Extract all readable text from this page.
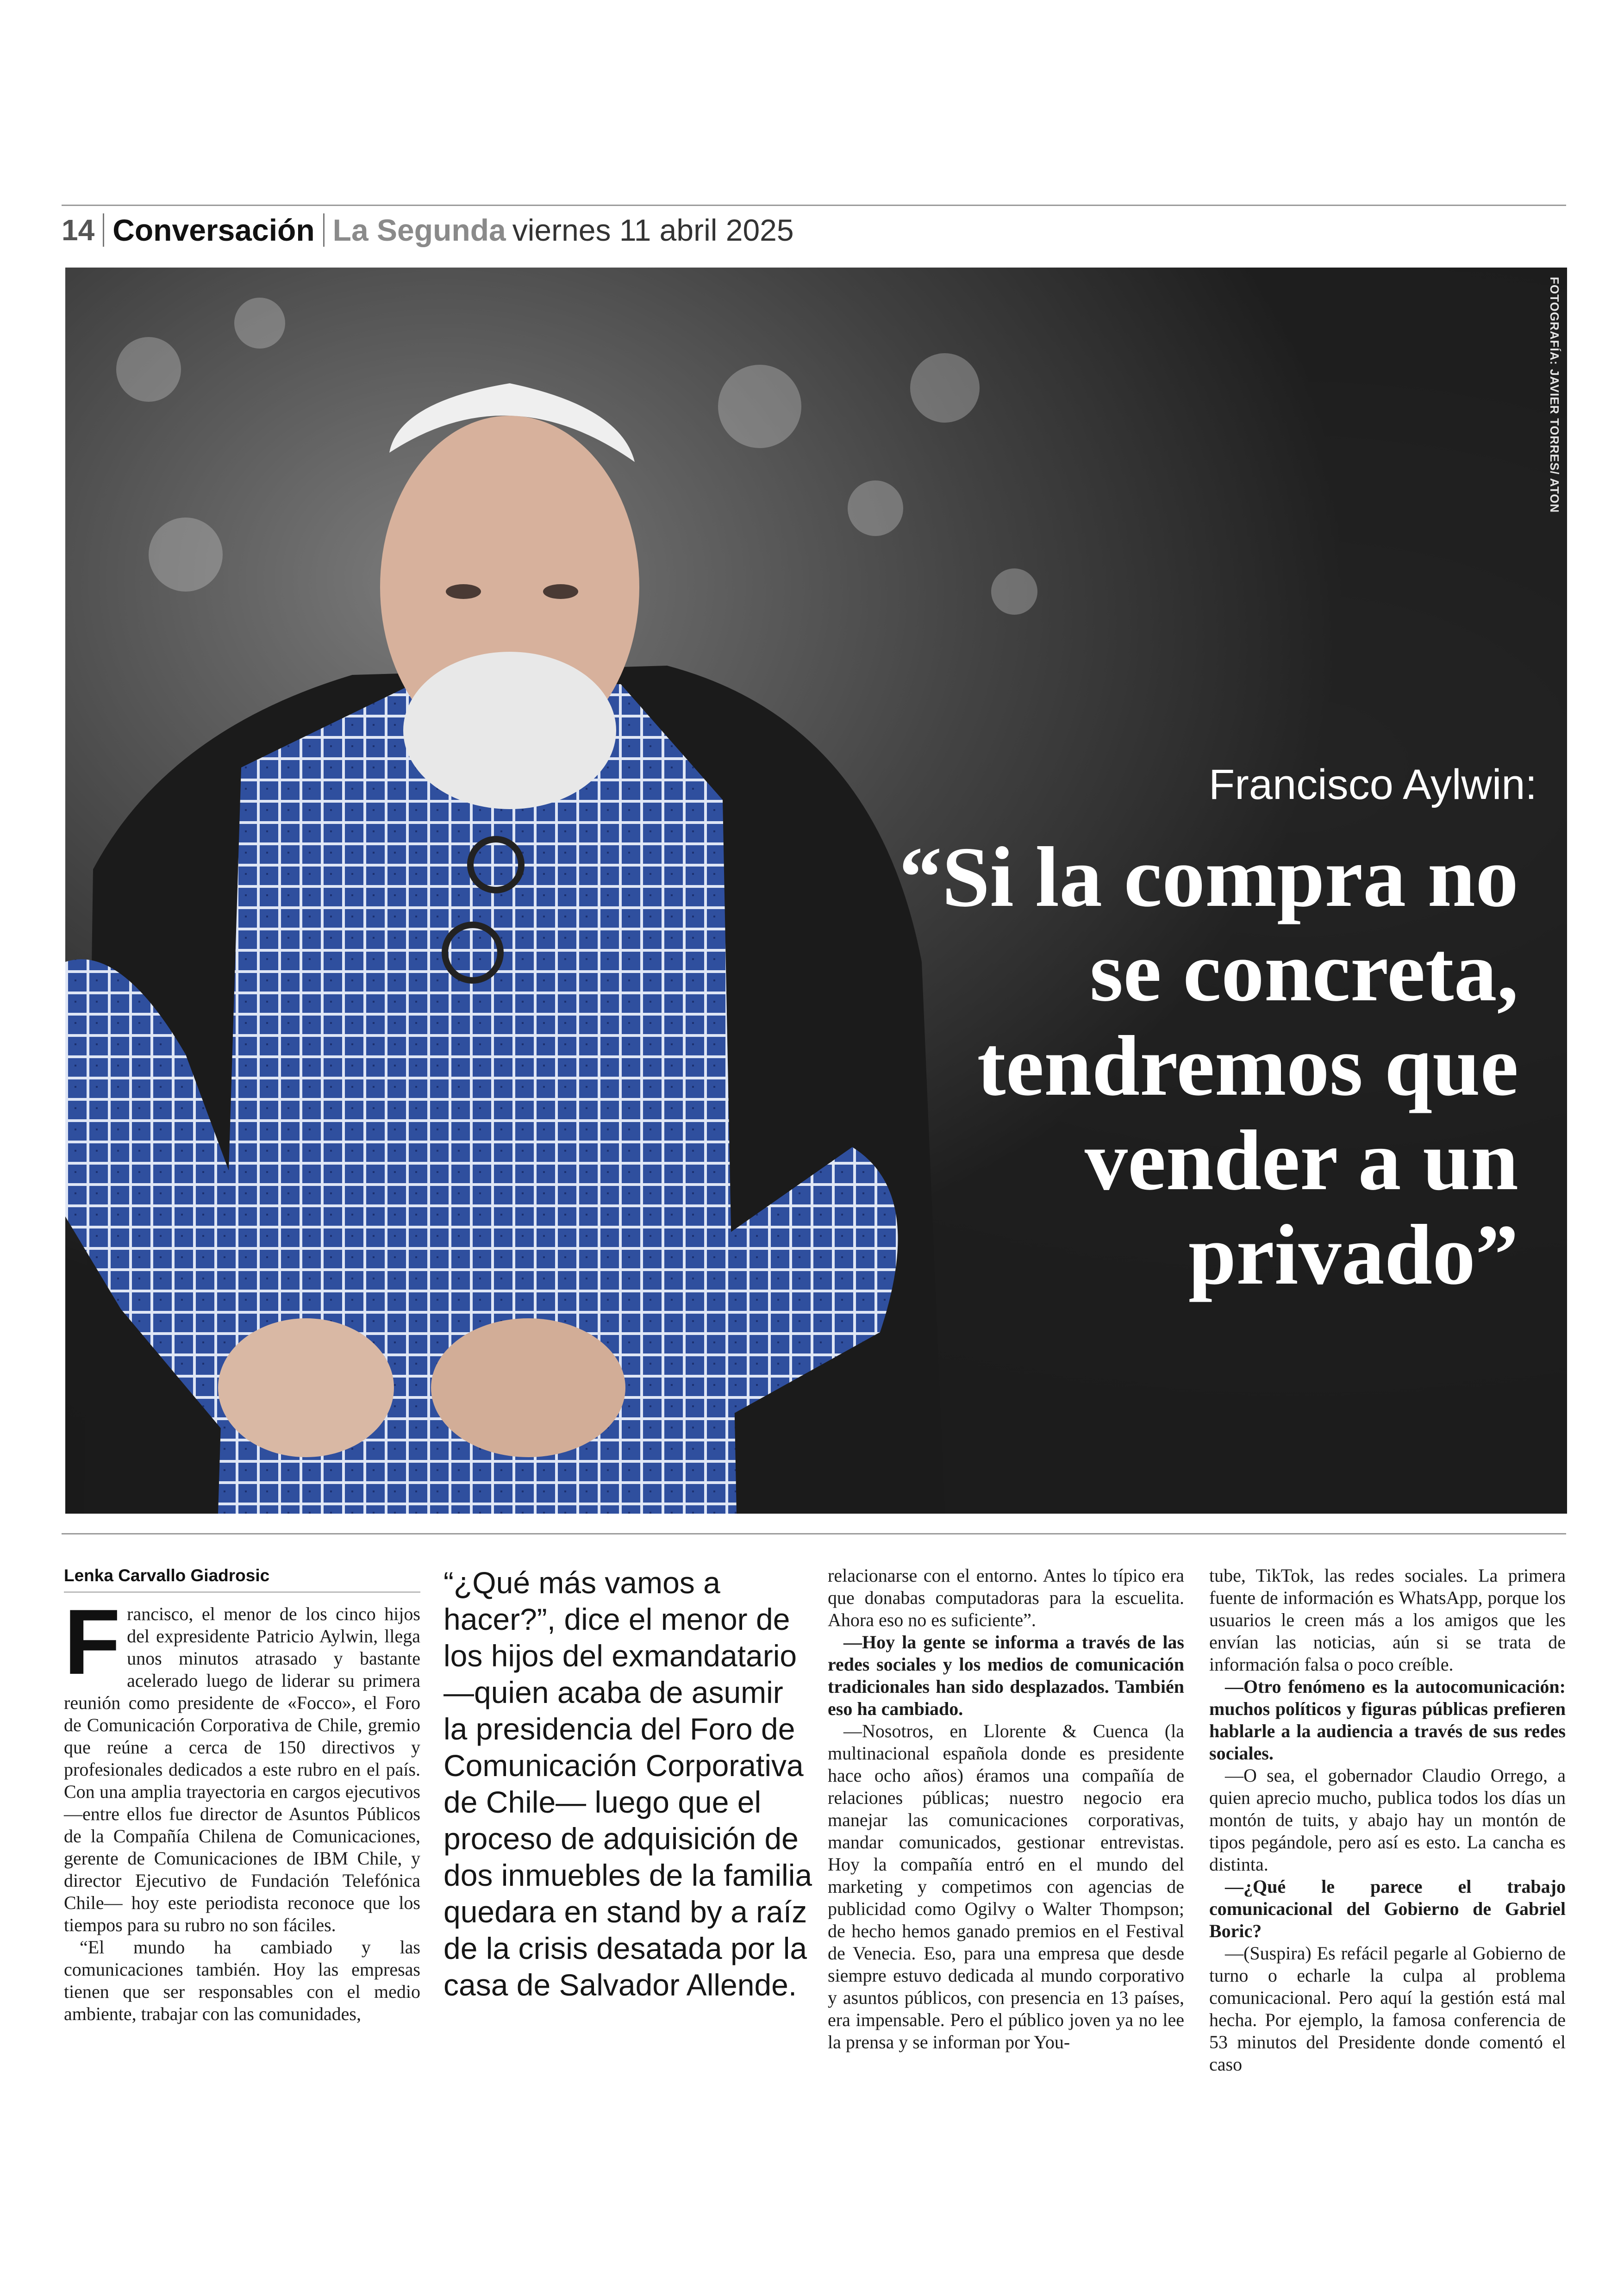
14 Conversación La Segunda viernes 11 abril 2025
FOTOGRAFÍA: JAVIER TORRES/ ATON
Francisco Aylwin:
“Si la compra no se concreta, tendremos que vender a un privado”
Lenka Carvallo Giadrosic

Francisco, el menor de los cinco hijos del expresidente Patricio Aylwin, llega unos minutos atrasado y bastante acelerado luego de liderar su primera reunión como presidente de «Focco», el Foro de Comunicación Corporativa de Chile, gremio que reúne a cerca de 150 directivos y profesionales dedicados a este rubro en el país. Con una amplia trayectoria en cargos ejecutivos —entre ellos fue director de Asuntos Públicos de la Compañía Chilena de Comunicaciones, gerente de Comunicaciones de IBM Chile, y director Ejecutivo de Fundación Telefónica Chile— hoy este periodista reconoce que los tiempos para su rubro no son fáciles.

“El mundo ha cambiado y las comunicaciones también. Hoy las empresas tienen que ser responsables con el medio ambiente, trabajar con las comunidades,

“¿Qué más vamos a hacer?”, dice el menor de los hijos del exmandatario —quien acaba de asumir la presidencia del Foro de Comunicación Corporativa de Chile— luego que el proceso de adquisición de dos inmuebles de la familia quedara en stand by a raíz de la crisis desatada por la casa de Salvador Allende.

relacionarse con el entorno. Antes lo típico era que donabas computadoras para la escuelita. Ahora eso no es suficiente”.

—Hoy la gente se informa a través de las redes sociales y los medios de comunicación tradicionales han sido desplazados. También eso ha cambiado.

—Nosotros, en Llorente & Cuenca (la multinacional española donde es presidente hace ocho años) éramos una compañía de relaciones públicas; nuestro negocio era manejar las comunicaciones corporativas, mandar comunicados, gestionar entrevistas. Hoy la compañía entró en el mundo del marketing y competimos con agencias de publicidad como Ogilvy o Walter Thompson; de hecho hemos ganado premios en el Festival de Venecia. Eso, para una empresa que desde siempre estuvo dedicada al mundo corporativo y asuntos públicos, con presencia en 13 países, era impensable. Pero el público joven ya no lee la prensa y se informan por You-

tube, TikTok, las redes sociales. La primera fuente de información es WhatsApp, porque los usuarios le creen más a los amigos que les envían las noticias, aún si se trata de información falsa o poco creíble.

—Otro fenómeno es la autocomunicación: muchos políticos y figuras públicas prefieren hablarle a la audiencia a través de sus redes sociales.

—O sea, el gobernador Claudio Orrego, a quien aprecio mucho, publica todos los días un montón de tuits, y abajo hay un montón de tipos pegándole, pero así es esto. La cancha es distinta.

—¿Qué le parece el trabajo comunicacional del Gobierno de Gabriel Boric?

—(Suspira) Es refácil pegarle al Gobierno de turno o echarle la culpa al problema comunicacional. Pero aquí la gestión está mal hecha. Por ejemplo, la famosa conferencia de 53 minutos del Presidente donde comentó el caso
